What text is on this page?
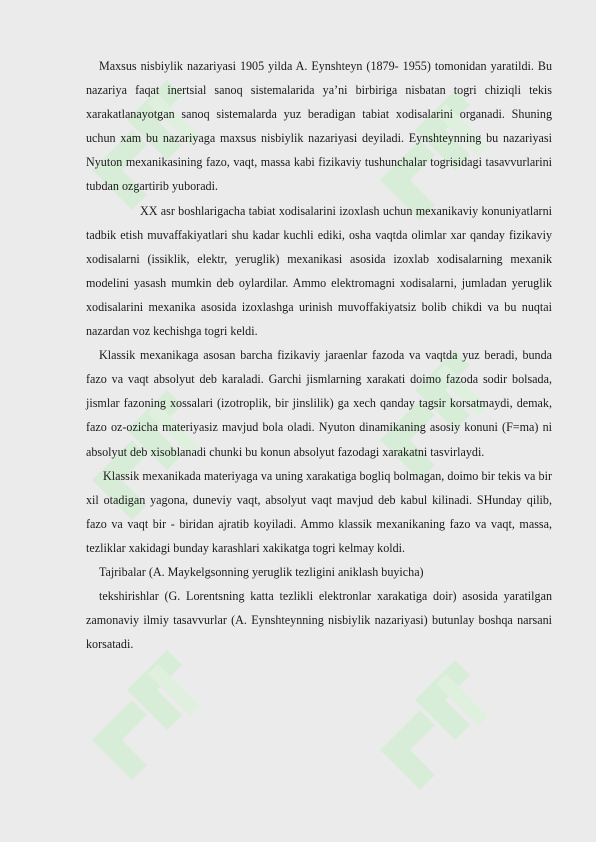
Maxsus nisbiylik nazariyasi 1905 yilda A. Eynshteyn (1879- 1955) tomonidan yaratildi. Bu nazariya faqat inertsial sanoq sistemalarida ya’ni birbiriga nisbatan togri chiziqli tekis xarakatlanayotgan sanoq sistemalarda yuz beradigan tabiat xodisalarini organadi. Shuning uchun xam bu nazariyaga maxsus nisbiylik nazariyasi deyiladi. Eynshteynning bu nazariyasi Nyuton mexanikasining fazo, vaqt, massa kabi fizikaviy tushunchalar togrisidagi tasavvurlarini tubdan ozgartirib yuboradi.

XX asr boshlarigacha tabiat xodisalarini izoxlash uchun mexanikaviy konuniyatlarni tadbik etish muvaffakiyatlari shu kadar kuchli ediki, osha vaqtda olimlar xar qanday fizikaviy xodisalarni (issiklik, elektr, yeruglik) mexanikasi asosida izoxlab xodisalarning mexanik modelini yasash mumkin deb oylardilar. Ammo elektromagni xodisalarni, jumladan yeruglik xodisalarini mexanika asosida izoxlashga urinish muvoffakiyatsiz bolib chikdi va bu nuqtai nazardan voz kechishga togri keldi.

Klassik mexanikaga asosan barcha fizikaviy jaraenlar fazoda va vaqtda yuz beradi, bunda fazo va vaqt absolyut deb karaladi. Garchi jismlarning xarakati doimo fazoda sodir bolsada, jismlar fazoning xossalari (izotroplik, bir jinslilik) ga xech qanday tagsir korsatmaydi, demak, fazo oz-ozicha materiyasiz mavjud bola oladi. Nyuton dinamikaning asosiy konuni (F=ma) ni absolyut deb xisoblanadi chunki bu konun absolyut fazodagi xarakatni tasvirlaydi.

Klassik mexanikada materiyaga va uning xarakatiga bogliq bolmagan, doimo bir tekis va bir xil otadigan yagona, duneviy vaqt, absolyut vaqt mavjud deb kabul kilinadi. SHunday qilib, fazo va vaqt bir - biridan ajratib koyiladi. Ammo klassik mexanikaning fazo va vaqt, massa, tezliklar xakidagi bunday karashlari xakikatga togri kelmay koldi.

Tajribalar (A. Maykelgsonning yeruglik tezligini aniklash buyicha)

tekshirishlar (G. Lorentsning katta tezlikli elektronlar xarakatiga doir) asosida yaratilgan zamonaviy ilmiy tasavvurlar (A. Eynshteynning nisbiylik nazariyasi) butunlay boshqa narsani korsatadi.
